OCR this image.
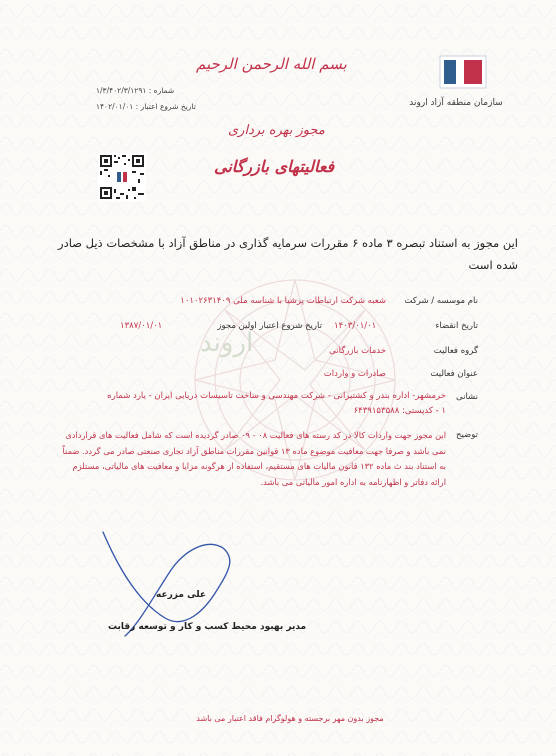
سازمان منطقه آزاد اروند
بسم الله الرحمن الرحیم
شماره : ۱/۳/۴۰۲/۳/۱۲۹۱
تاریخ شروع اعتبار : ۱۴۰۲/۰۱/۰۱
مجوز بهره برداری
فعالیتهای بازرگانی
این مجوز به استناد تبصره ۳ ماده ۶ مقررات سرمایه گذاری در مناطق آزاد با مشخصات ذیل صادر شده است
نام موسسه / شرکت
شعبه شرکت ارتباطات پرشیا با شناسه ملی ۱۰۱۰۲۶۳۱۴۰۹
تاریخ انقضاء
۱۴۰۳/۰۱/۰۱
تاریخ شروع اعتبار اولین مجوز
۱۳۸۷/۰۱/۰۱
گروه فعالیت
خدمات بازرگانی
عنوان فعالیت
صادرات و واردات
نشانی
خرمشهر- اداره بندر و کشتیرانی - شرکت مهندسی و ساخت تاسیسات دریایی ایران - یارد شماره
۱ - کدپستی: ۶۴۳۹۱۵۳۵۸۸
توضیح
این مجوز جهت واردات کالا در کد رسته های فعالیت ۰۸ - ۰۹ صادر گردیده است که شامل فعالیت های قراردادی نمی باشد و صرفا جهت معافیت موضوع ماده ۱۳ قوانین مقررات مناطق آزاد تجاری صنعتی صادر می گردد. ضمناً به استناد بند ث ماده ۱۳۲ قانون مالیات های مستقیم، استفاده از هرگونه مزایا و معافیت های مالیاتی، مستلزم ارائه دفاتر و اظهارنامه به اداره امور مالیاتی می باشد.
اروند
علی مزرعه
مدیر بهبود محیط کسب و کار و توسعه رقابت
مجوز بدون مهر برجسته و هولوگرام فاقد اعتبار می باشد
